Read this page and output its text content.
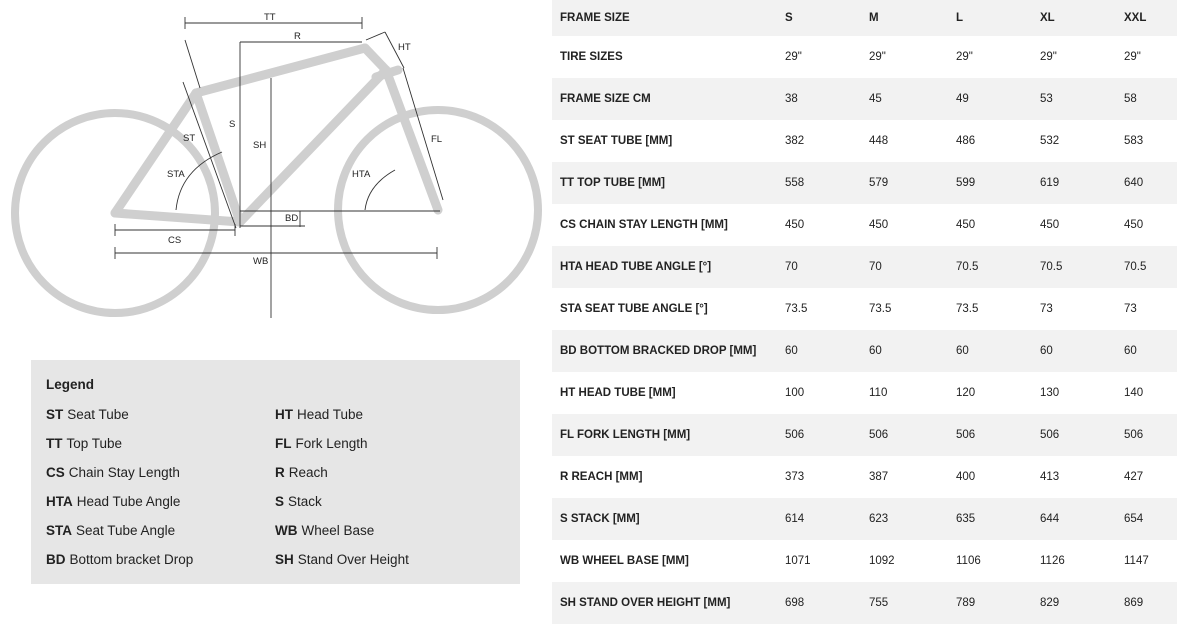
TT
R
HT
S
SH
ST
STA
FL
HTA
BD
CS
WB
Legend
ST Seat Tube	HT Head Tube
TT Top Tube	FL Fork Length
CS Chain Stay Length	R Reach
HTA Head Tube Angle	S Stack
STA Seat Tube Angle	WB Wheel Base
BD Bottom bracket Drop	SH Stand Over Height
FRAME SIZE	S	M	L	XL	XXL
TIRE SIZES	29"	29"	29"	29"	29"
FRAME SIZE CM	38	45	49	53	58
ST SEAT TUBE [MM]	382	448	486	532	583
TT TOP TUBE [MM]	558	579	599	619	640
CS CHAIN STAY LENGTH [MM]	450	450	450	450	450
HTA HEAD TUBE ANGLE [°]	70	70	70.5	70.5	70.5
STA SEAT TUBE ANGLE [°]	73.5	73.5	73.5	73	73
BD BOTTOM BRACKED DROP [MM]	60	60	60	60	60
HT HEAD TUBE [MM]	100	110	120	130	140
FL FORK LENGTH [MM]	506	506	506	506	506
R REACH [MM]	373	387	400	413	427
S STACK [MM]	614	623	635	644	654
WB WHEEL BASE [MM]	1071	1092	1106	1126	1147
SH STAND OVER HEIGHT [MM]	698	755	789	829	869
